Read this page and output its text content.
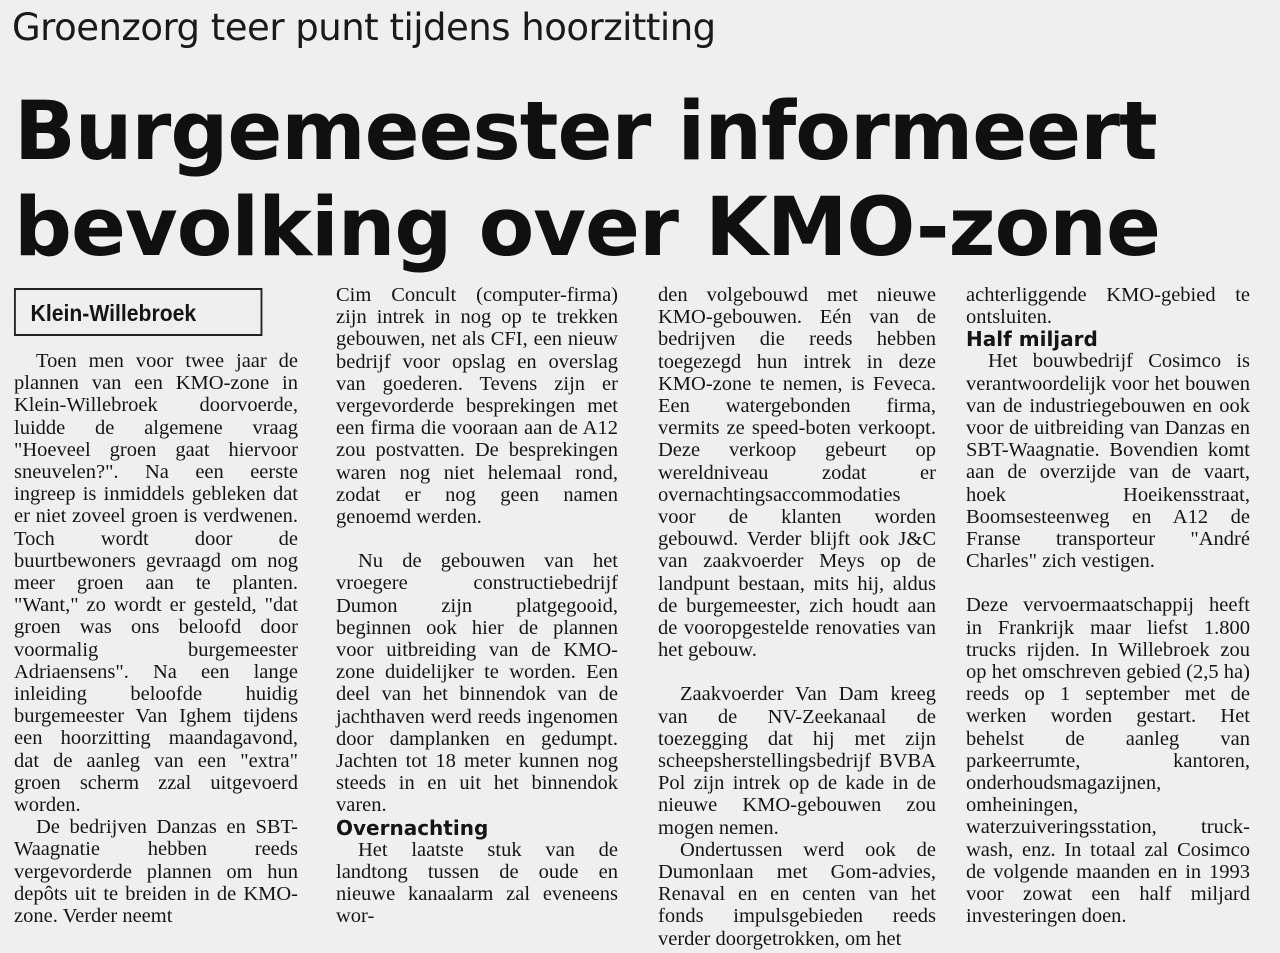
Groenzorg teer punt tijdens hoorzitting
Burgemeester informeert
bevolking over KMO-zone
Klein-Willebroek

Toen men voor twee jaar de plannen van een KMO-zone in Klein-Willebroek doorvoerde, luidde de algemene vraag "Hoeveel groen gaat hiervoor sneuvelen?". Na een eerste ingreep is inmiddels gebleken dat er niet zoveel groen is verdwenen. Toch wordt door de buurtbewoners gevraagd om nog meer groen aan te planten. "Want," zo wordt er gesteld, "dat groen was ons beloofd door voormalig burgemeester Adriaensens". Na een lange inleiding beloofde huidig burgemeester Van Ighem tijdens een hoorzitting maandagavond, dat de aanleg van een "extra" groen scherm zzal uitgevoerd worden.

De bedrijven Danzas en SBT-Waagnatie hebben reeds vergevorderde plannen om hun depôts uit te breiden in de KMO-zone. Verder neemt

Cim Concult (computer-firma) zijn intrek in nog op te trekken gebouwen, net als CFI, een nieuw bedrijf voor opslag en overslag van goederen. Tevens zijn er vergevorderde besprekingen met een firma die vooraan aan de A12 zou postvatten. De besprekingen waren nog niet helemaal rond, zodat er nog geen namen genoemd werden.

Nu de gebouwen van het vroegere constructiebedrijf Dumon zijn platgegooid, beginnen ook hier de plannen voor uitbreiding van de KMO-zone duidelijker te worden. Een deel van het binnendok van de jachthaven werd reeds ingenomen door damplanken en gedumpt. Jachten tot 18 meter kunnen nog steeds in en uit het binnendok varen.

Overnachting

Het laatste stuk van de landtong tussen de oude en nieuwe kanaalarm zal eveneens wor-

den volgebouwd met nieuwe KMO-gebouwen. Eén van de bedrijven die reeds hebben toegezegd hun intrek in deze KMO-zone te nemen, is Feveca. Een watergebonden firma, vermits ze speed-boten verkoopt. Deze verkoop gebeurt op wereldniveau zodat er overnachtingsaccommodaties voor de klanten worden gebouwd. Verder blijft ook J&C van zaakvoerder Meys op de landpunt bestaan, mits hij, aldus de burgemeester, zich houdt aan de vooropgestelde renovaties van het gebouw.

Zaakvoerder Van Dam kreeg van de NV-Zeekanaal de toezegging dat hij met zijn scheepsherstellingsbedrijf BVBA Pol zijn intrek op de kade in de nieuwe KMO-gebouwen zou mogen nemen.

Ondertussen werd ook de Dumonlaan met Gom-advies, Renaval en en centen van het fonds impulsgebieden reeds verder doorgetrokken, om het

achterliggende KMO-gebied te ontsluiten.

Half miljard

Het bouwbedrijf Cosimco is verantwoordelijk voor het bouwen van de industriegebouwen en ook voor de uitbreiding van Danzas en SBT-Waagnatie. Bovendien komt aan de overzijde van de vaart, hoek Hoeikensstraat, Boomsesteenweg en A12 de Franse transporteur "André Charles" zich vestigen.

Deze vervoermaatschappij heeft in Frankrijk maar liefst 1.800 trucks rijden. In Willebroek zou op het omschreven gebied (2,5 ha) reeds op 1 september met de werken worden gestart. Het behelst de aanleg van parkeerrumte, kantoren, onderhoudsmagazijnen, omheiningen, waterzuiveringsstation, truck-wash, enz. In totaal zal Cosimco de volgende maanden en in 1993 voor zowat een half miljard investeringen doen.
